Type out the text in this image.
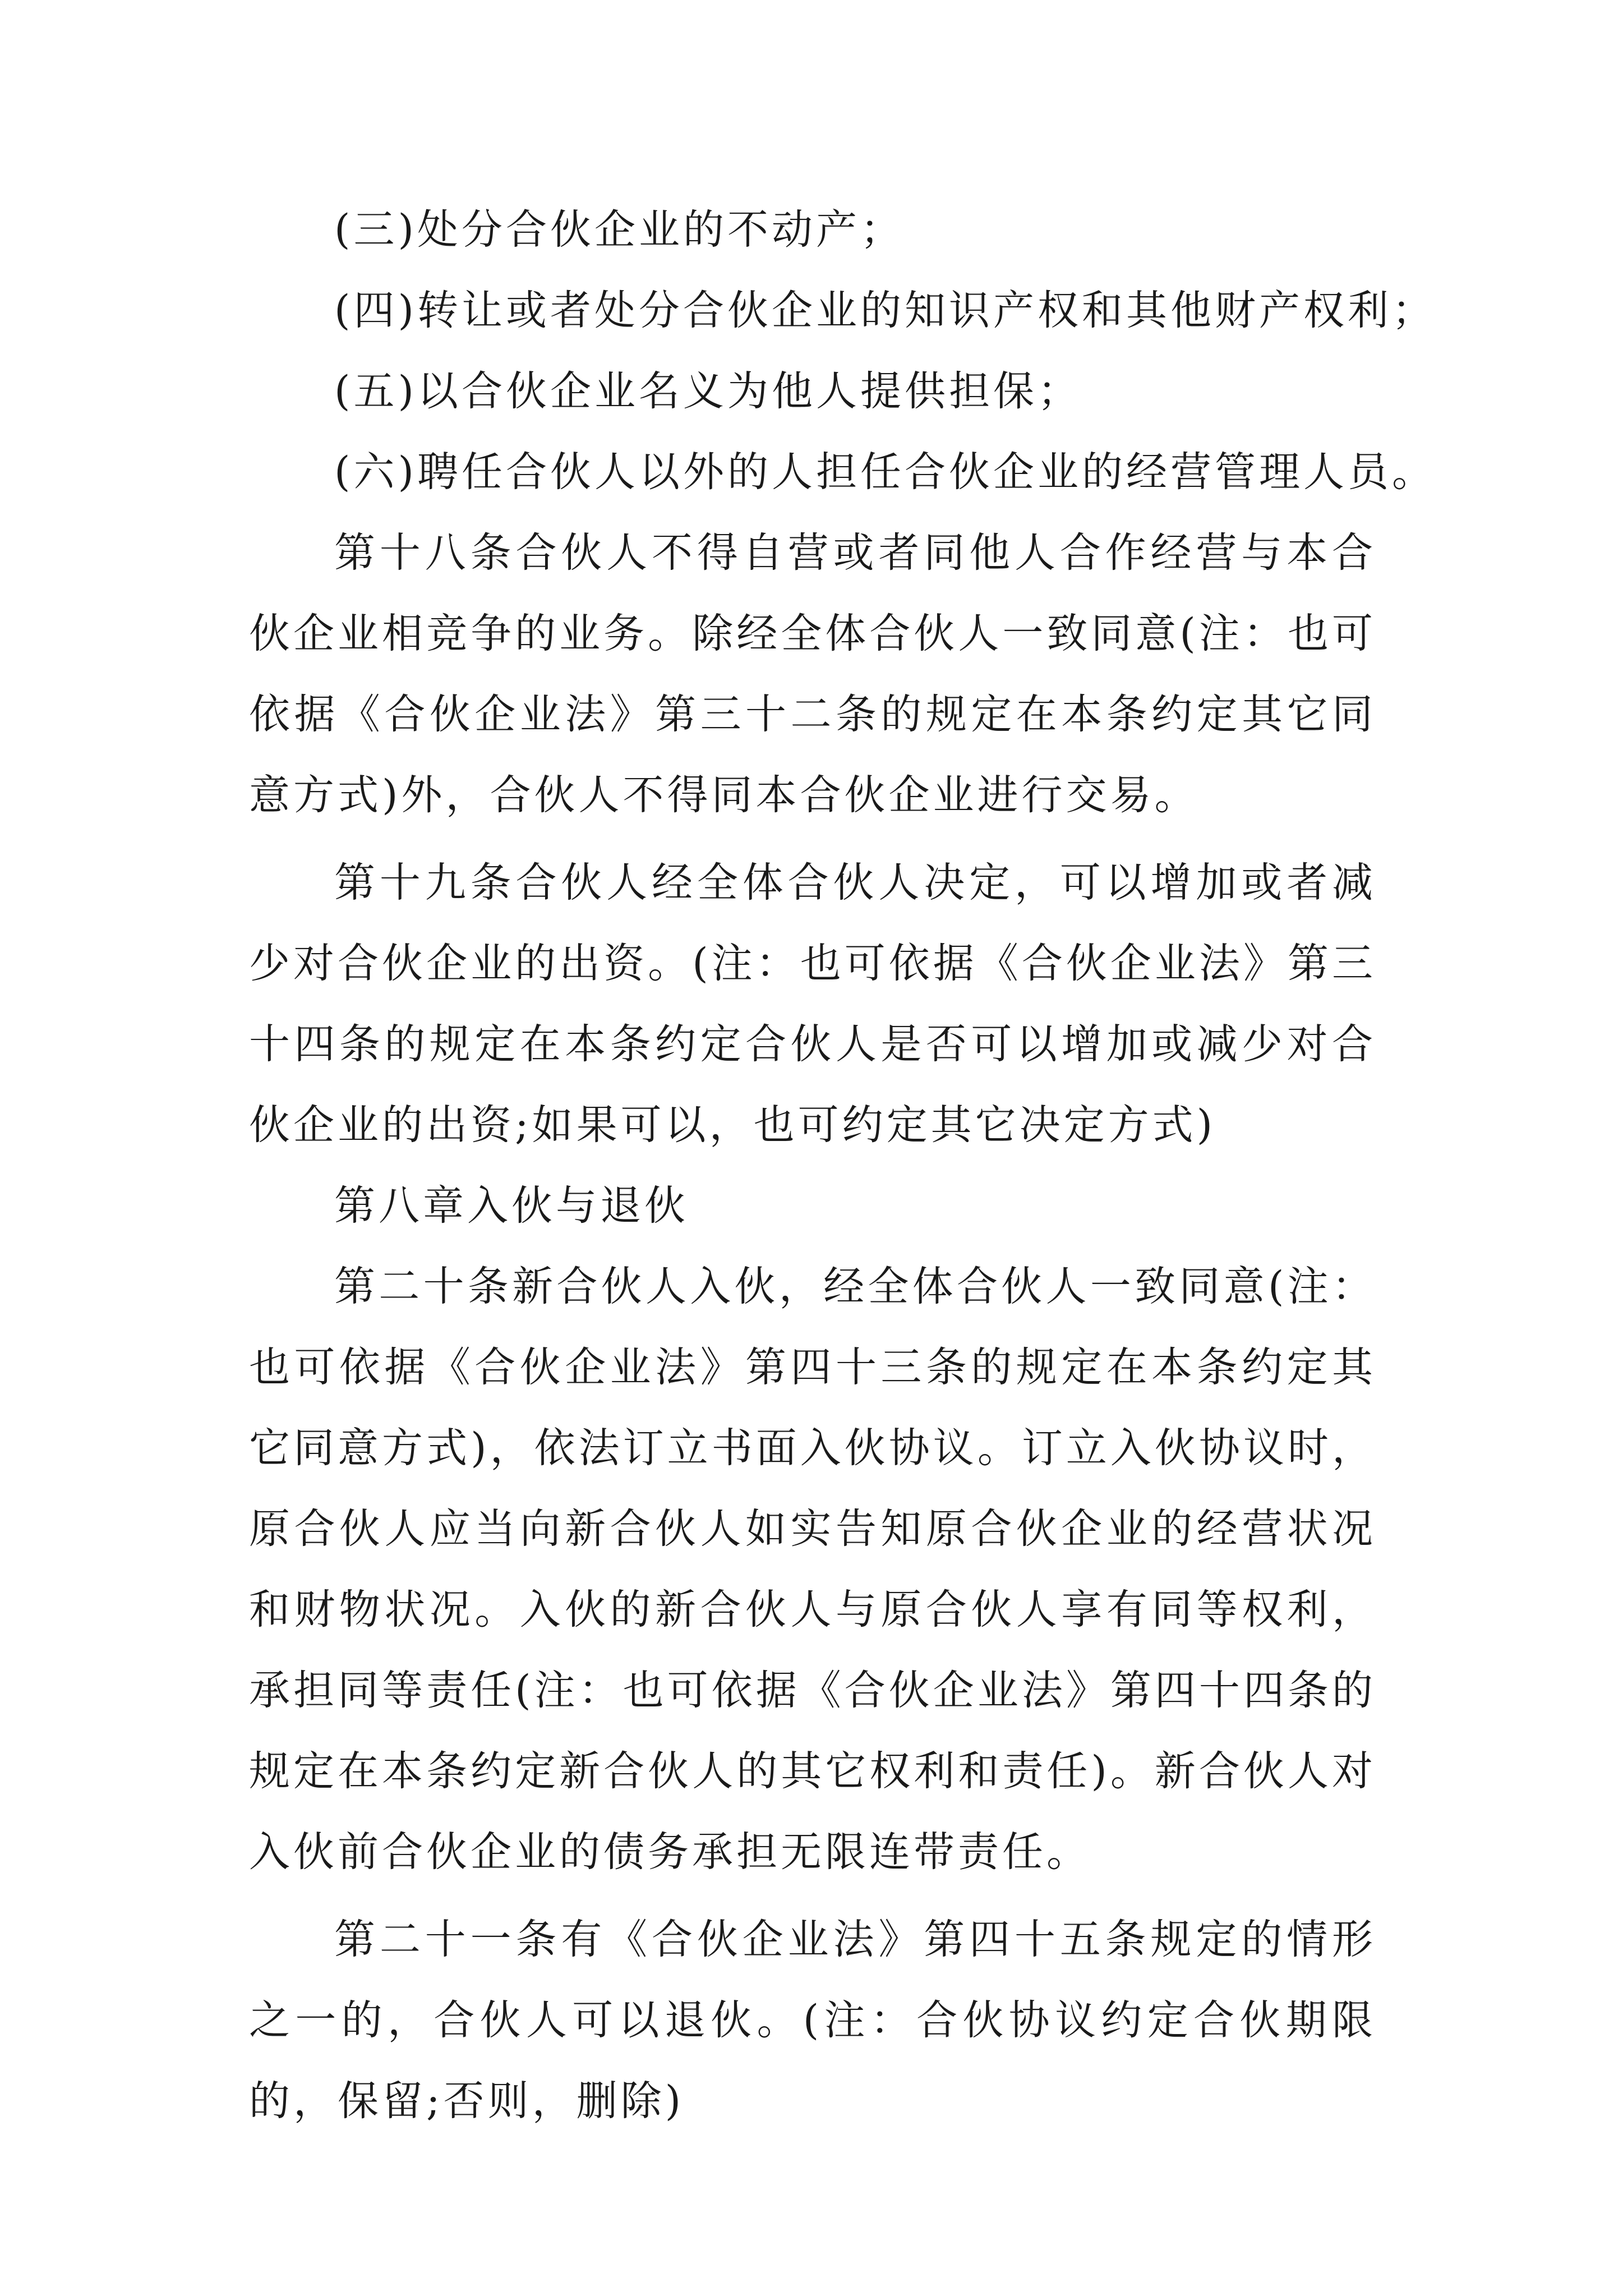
(三)处分合伙企业的不动产；

(四)转让或者处分合伙企业的知识产权和其他财产权利；

(五)以合伙企业名义为他人提供担保；

(六)聘任合伙人以外的人担任合伙企业的经营管理人员。

第十八条合伙人不得自营或者同他人合作经营与本合伙企业相竞争的业务。除经全体合伙人一致同意(注：也可依据《合伙企业法》第三十二条的规定在本条约定其它同意方式)外，合伙人不得同本合伙企业进行交易。

第十九条合伙人经全体合伙人决定，可以增加或者减少对合伙企业的出资。(注：也可依据《合伙企业法》第三十四条的规定在本条约定合伙人是否可以增加或减少对合伙企业的出资;如果可以，也可约定其它决定方式)

第八章入伙与退伙

第二十条新合伙人入伙，经全体合伙人一致同意(注：也可依据《合伙企业法》第四十三条的规定在本条约定其它同意方式)，依法订立书面入伙协议。订立入伙协议时，原合伙人应当向新合伙人如实告知原合伙企业的经营状况和财物状况。入伙的新合伙人与原合伙人享有同等权利，承担同等责任(注：也可依据《合伙企业法》第四十四条的规定在本条约定新合伙人的其它权利和责任)。新合伙人对入伙前合伙企业的债务承担无限连带责任。

第二十一条有《合伙企业法》第四十五条规定的情形之一的，合伙人可以退伙。(注：合伙协议约定合伙期限的，保留;否则，删除)
